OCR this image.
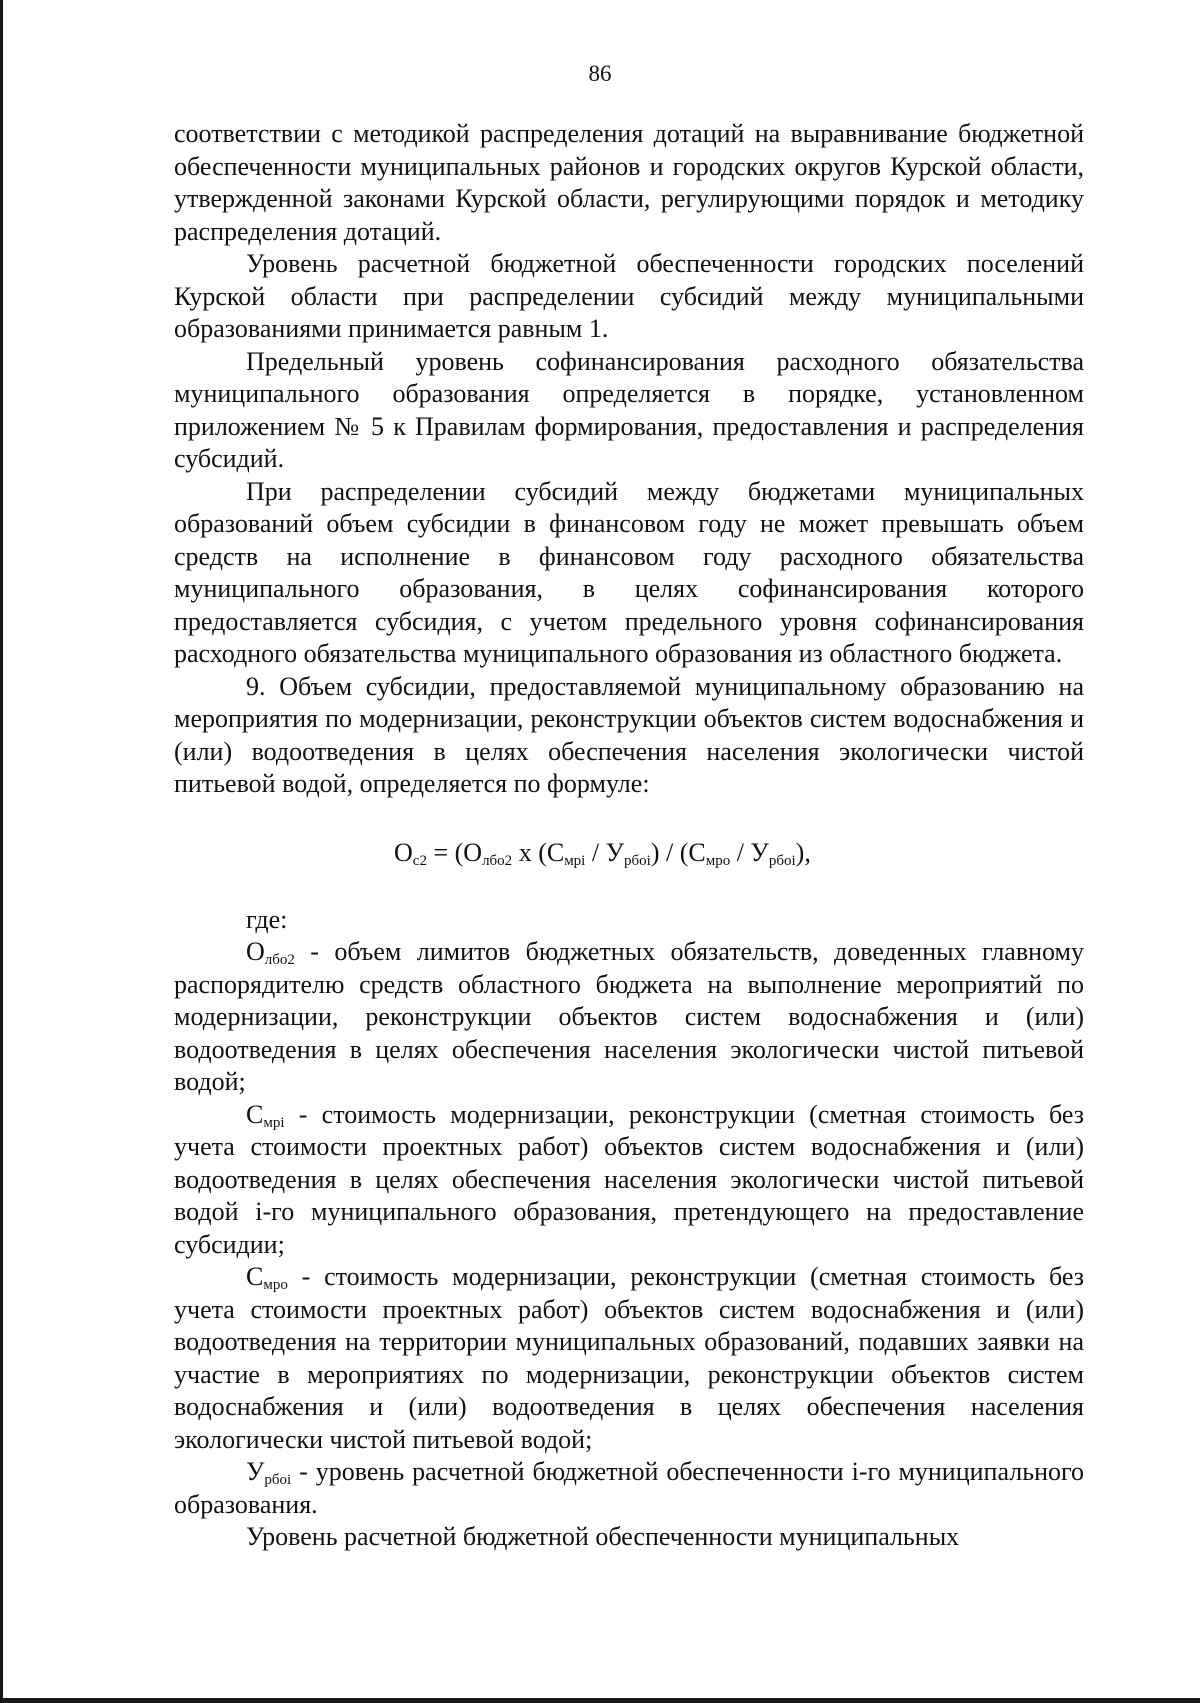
86

соответствии с методикой распределения дотаций на выравнивание бюджетной обеспеченности муниципальных районов и городских округов Курской области, утвержденной законами Курской области, регулирующими порядок и методику распределения дотаций.

Уровень расчетной бюджетной обеспеченности городских поселений Курской области при распределении субсидий между муниципальными образованиями принимается равным 1.

Предельный уровень софинансирования расходного обязательства муниципального образования определяется в порядке, установленном приложением № 5 к Правилам формирования, предоставления и распределения субсидий.

При распределении субсидий между бюджетами муниципальных образований объем субсидии в финансовом году не может превышать объем средств на исполнение в финансовом году расходного обязательства муниципального образования, в целях софинансирования которого предоставляется субсидия, с учетом предельного уровня софинансирования расходного обязательства муниципального образования из областного бюджета.

9. Объем субсидии, предоставляемой муниципальному образованию на мероприятия по модернизации, реконструкции объектов систем водоснабжения и (или) водоотведения в целях обеспечения населения экологически чистой питьевой водой, определяется по формуле:

$О_{с2} = (О_{лбо2}$ x $(С_{мрi} / У_{рбоi}) / (С_{мро} / У_{рбоi})$,

где:

$О_{лбо2}$ - объем лимитов бюджетных обязательств, доведенных главному распорядителю средств областного бюджета на выполнение мероприятий по модернизации, реконструкции объектов систем водоснабжения и (или) водоотведения в целях обеспечения населения экологически чистой питьевой водой;

$С_{мрi}$ - стоимость модернизации, реконструкции (сметная стоимость без учета стоимости проектных работ) объектов систем водоснабжения и (или) водоотведения в целях обеспечения населения экологически чистой питьевой водой i-го муниципального образования, претендующего на предоставление субсидии;

$С_{мро}$ - стоимость модернизации, реконструкции (сметная стоимость без учета стоимости проектных работ) объектов систем водоснабжения и (или) водоотведения на территории муниципальных образований, подавших заявки на участие в мероприятиях по модернизации, реконструкции объектов систем водоснабжения и (или) водоотведения в целях обеспечения населения экологически чистой питьевой водой;

$У_{рбоi}$ - уровень расчетной бюджетной обеспеченности i-го муниципального образования.

Уровень расчетной бюджетной обеспеченности муниципальных
